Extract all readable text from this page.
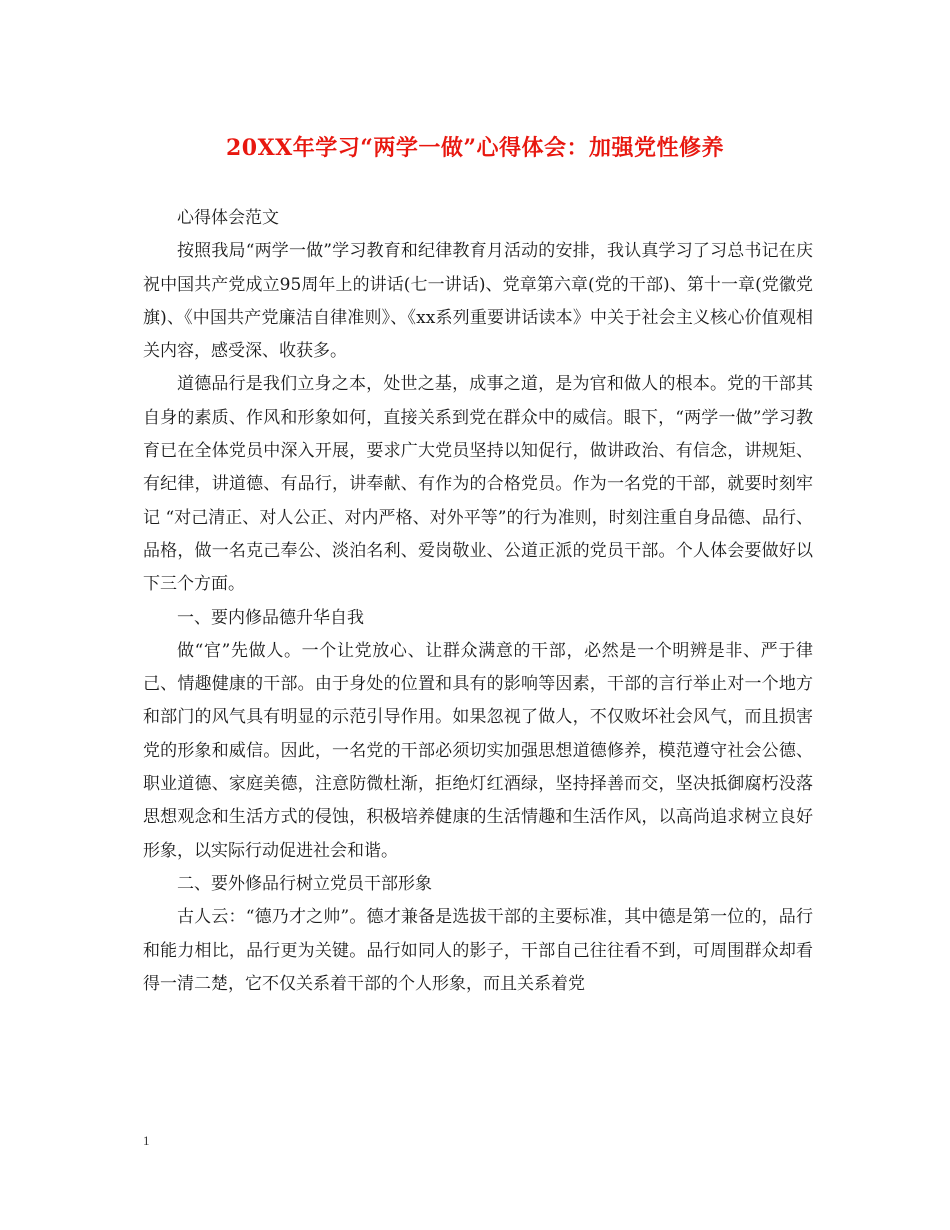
20XX年学习“两学一做”心得体会：加强党性修养

心得体会范文

按照我局“两学一做”学习教育和纪律教育月活动的安排，我认真学习了习总书记在庆祝中国共产党成立95周年上的讲话(七一讲话)、党章第六章(党的干部)、第十一章(党徽党旗)、《中国共产党廉洁自律准则》、《xx系列重要讲话读本》中关于社会主义核心价值观相关内容，感受深、收获多。

道德品行是我们立身之本，处世之基，成事之道，是为官和做人的根本。党的干部其自身的素质、作风和形象如何，直接关系到党在群众中的威信。眼下，“两学一做”学习教育已在全体党员中深入开展，要求广大党员坚持以知促行，做讲政治、有信念，讲规矩、有纪律，讲道德、有品行，讲奉献、有作为的合格党员。作为一名党的干部，就要时刻牢记 “对己清正、对人公正、对内严格、对外平等”的行为准则，时刻注重自身品德、品行、品格，做一名克己奉公、淡泊名利、爱岗敬业、公道正派的党员干部。个人体会要做好以下三个方面。

一、要内修品德升华自我

做“官”先做人。一个让党放心、让群众满意的干部，必然是一个明辨是非、严于律己、情趣健康的干部。由于身处的位置和具有的影响等因素，干部的言行举止对一个地方和部门的风气具有明显的示范引导作用。如果忽视了做人，不仅败坏社会风气，而且损害党的形象和威信。因此，一名党的干部必须切实加强思想道德修养，模范遵守社会公德、职业道德、家庭美德，注意防微杜渐，拒绝灯红酒绿，坚持择善而交，坚决抵御腐朽没落思想观念和生活方式的侵蚀，积极培养健康的生活情趣和生活作风，以高尚追求树立良好形象，以实际行动促进社会和谐。

二、要外修品行树立党员干部形象

古人云：“德乃才之帅”。德才兼备是选拔干部的主要标准，其中德是第一位的，品行和能力相比，品行更为关键。品行如同人的影子，干部自己往往看不到，可周围群众却看得一清二楚，它不仅关系着干部的个人形象，而且关系着党

1
